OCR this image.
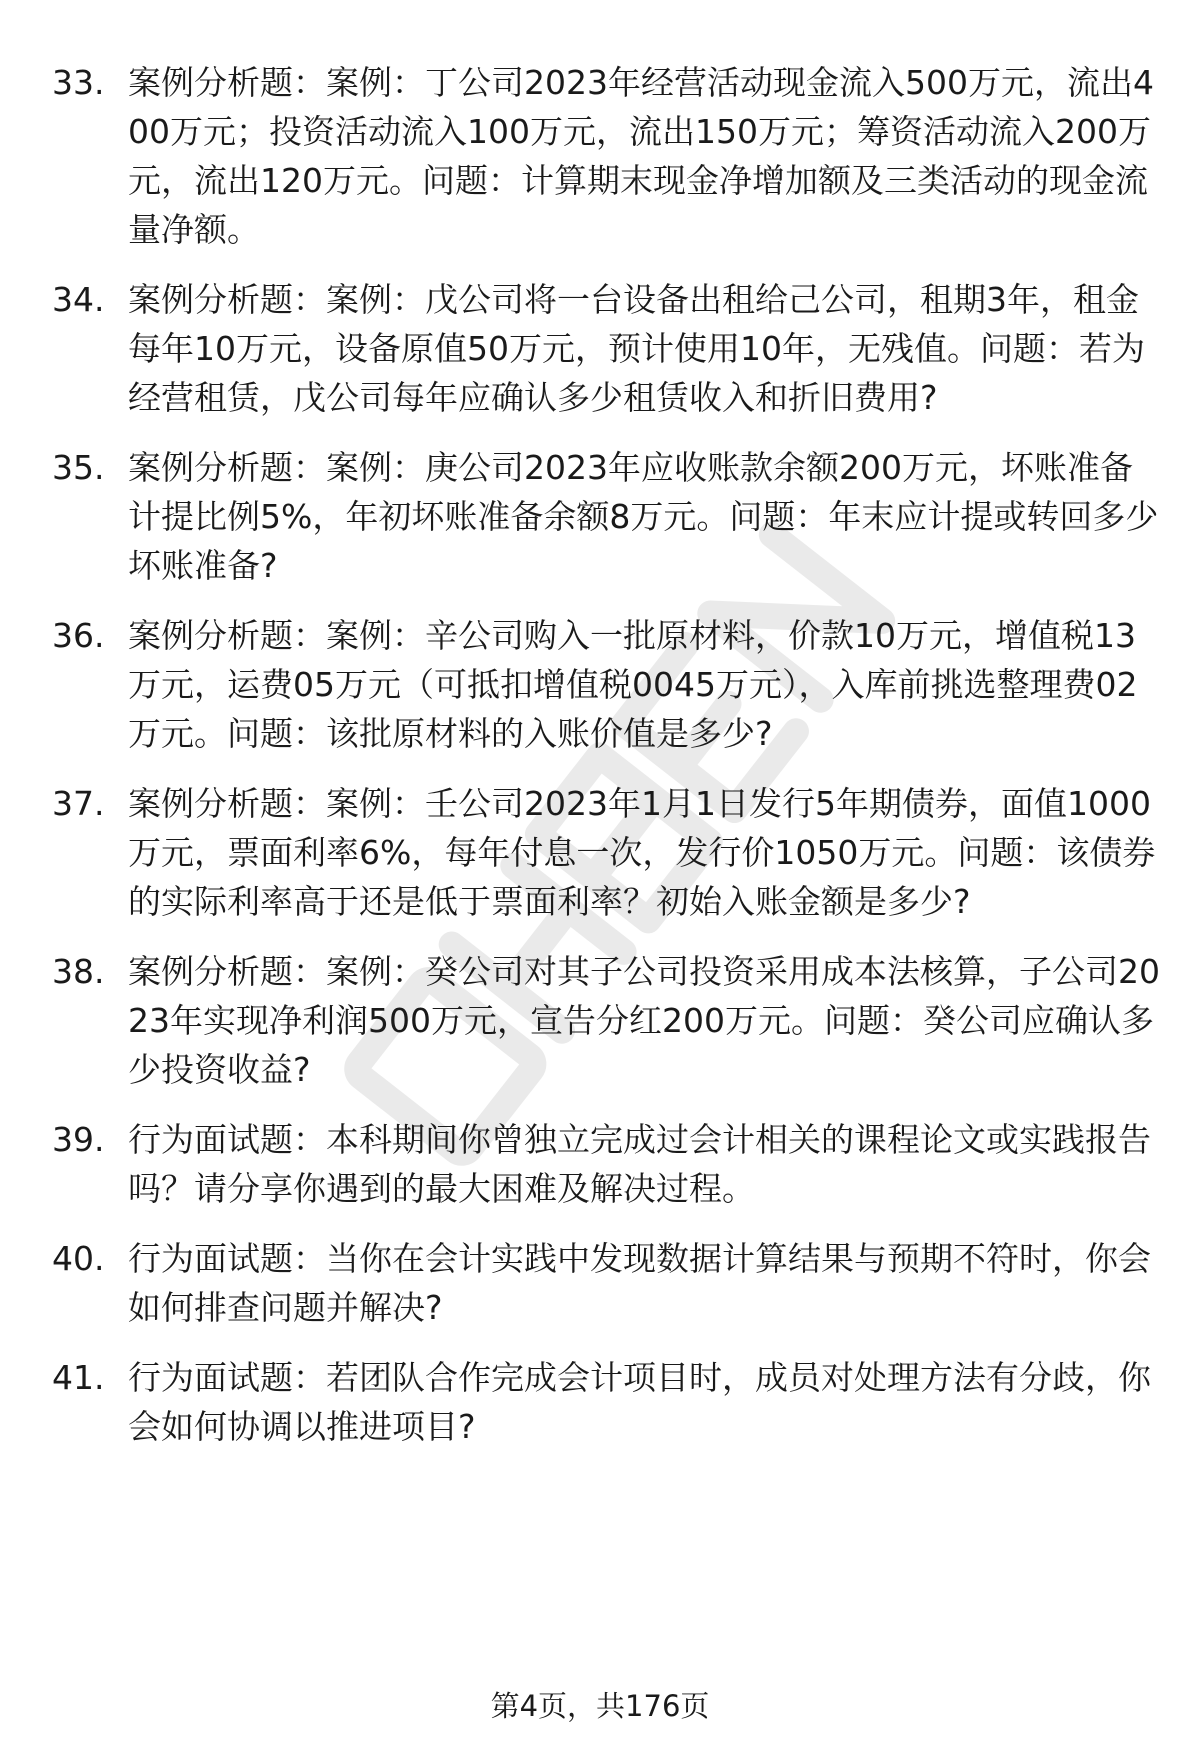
33. 案例分析题：案例：丁公司2023年经营活动现金流入500万元，流出400万元；投资活动流入100万元，流出150万元；筹资活动流入200万元，流出120万元。问题：计算期末现金净增加额及三类活动的现金流量净额。
34. 案例分析题：案例：戊公司将一台设备出租给己公司，租期3年，租金每年10万元，设备原值50万元，预计使用10年，无残值。问题：若为经营租赁，戊公司每年应确认多少租赁收入和折旧费用?
35. 案例分析题：案例：庚公司2023年应收账款余额200万元，坏账准备计提比例5%，年初坏账准备余额8万元。问题：年末应计提或转回多少坏账准备?
36. 案例分析题：案例：辛公司购入一批原材料，价款10万元，增值税13万元，运费05万元（可抵扣增值税0045万元），入库前挑选整理费02万元。问题：该批原材料的入账价值是多少?
37. 案例分析题：案例：壬公司2023年1月1日发行5年期债券，面值1000万元，票面利率6%，每年付息一次，发行价1050万元。问题：该债券的实际利率高于还是低于票面利率？初始入账金额是多少?
38. 案例分析题：案例：癸公司对其子公司投资采用成本法核算，子公司2023年实现净利润500万元，宣告分红200万元。问题：癸公司应确认多少投资收益?
39. 行为面试题：本科期间你曾独立完成过会计相关的课程论文或实践报告吗？请分享你遇到的最大困难及解决过程。
40. 行为面试题：当你在会计实践中发现数据计算结果与预期不符时，你会如何排查问题并解决?
41. 行为面试题：若团队合作完成会计项目时，成员对处理方法有分歧，你会如何协调以推进项目?
第4页，共176页
